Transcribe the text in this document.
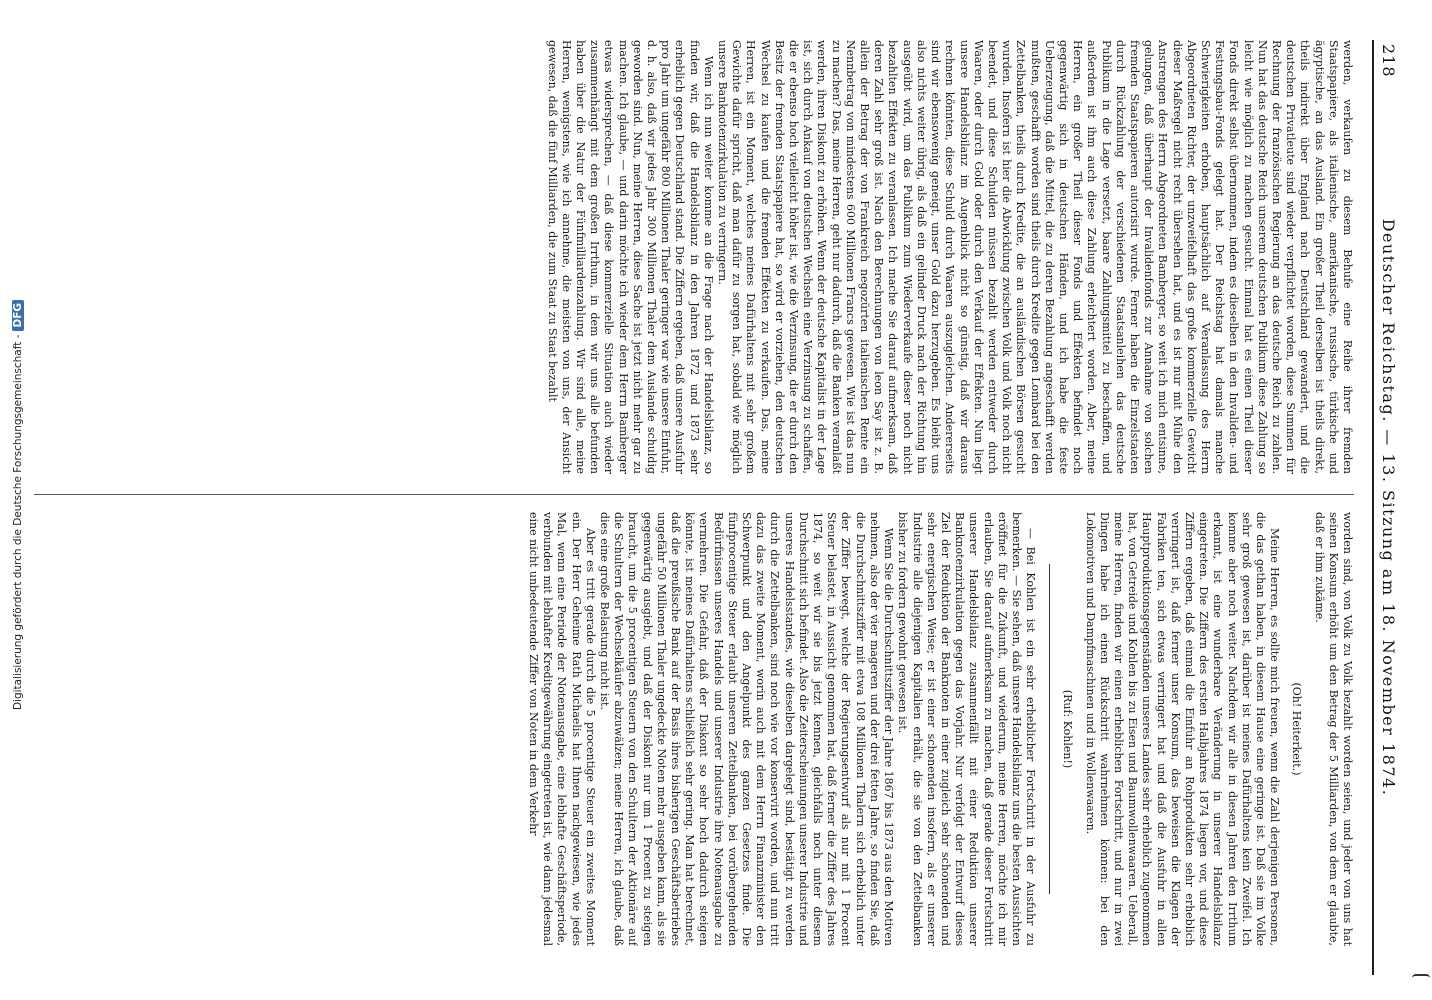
218
Deutscher Reichstag. — 13. Sitzung am 18. November 1874.

werden, verkaufen zu diesem Behufe eine Reihe ihrer fremden Staatspapiere, als italienische, amerikanische, russische, türkische und ägyptische, an das Ausland. Ein großer Theil derselben ist theils direkt, theils indirekt über England nach Deutschland gewandert, und die deutschen Privatleute sind wieder verpflichtet worden, diese Summen für Rechnung der französischen Regierung an das deutsche Reich zu zahlen. Nun hat das deutsche Reich unserem deutschen Publikum diese Zahlung so leicht wie möglich zu machen gesucht. Einmal hat es einen Theil dieser Fonds direkt selbst übernommen, indem es dieselben in den Invaliden- und Festungsbau-Fonds gelegt hat. Der Reichstag hat damals manche Schwierigkeiten erhoben, hauptsächlich auf Veranlassung des Herrn Abgeordneten Richter, der unzweifelhaft das große kommerzielle Gewicht dieser Maßregel nicht recht übersehen hat, und es ist nur mit Mühe den Anstrengen des Herrn Abgeordneten Bamberger, so weit ich mich entsinne, gelungen, daß überhaupt der Invalidenfonds zur Annahme von solchen fremden Staatspapieren autorisirt wurde. Ferner haben die Einzelstaaten durch Rückzahlung der verschiedenen Staatsanleihen das deutsche Publikum in die Lage versetzt, baare Zahlungsmittel zu beschaffen, und außerdem ist ihm auch diese Zahlung erleichtert worden. Aber, meine Herren, ein großer Theil dieser Fonds und Effekten befindet noch gegenwärtig sich in deutschen Händen, und ich habe die feste Ueberzeugung, daß die Mittel, die zu deren Bezahlung angeschafft werden mußten, geschafft worden sind theils durch Kredite gegen Lombard bei den Zettelbanken, theils durch Kredite, die an ausländischen Börsen gesucht wurden. Insofern ist hier die Abwicklung zwischen Volk und Volk noch nicht beendet, und diese Schulden müssen bezahlt werden entweder durch Waaren, oder durch Gold oder durch den Verkauf der Effekten. Nun liegt unsere Handelsbilanz im Augenblick nicht so günstig, daß wir daraus rechnen könnten, diese Schuld durch Waaren auszugleichen. Andererseits sind wir ebensowenig geneigt, unser Gold dazu herzugeben. Es bleibt uns also nichts weiter übrig, als daß ein gelinder Druck nach der Richtung hin ausgeübt wird, um das Publikum zum Wiederverkaufe dieser noch nicht bezahlten Effekten zu veranlassen. Ich mache Sie darauf aufmerksam, daß deren Zahl sehr groß ist. Nach den Berechnungen von leon Say ist z. B. allein der Betrag der von Frankreich negozürten italienischen Rente ein Nennbetrag von mindestens 600 Millionen Francs gewesen. Wie ist das nun zu machen? Das, meine Herren, geht nur dadurch, daß die Banken veranlaßt werden, ihren Diskont zu erhöhen. Wenn der deutsche Kapitalist in der Lage ist, sich durch Ankauf von deutschen Wechseln eine Verzinsung zu schaffen, die er ebenso hoch vielleicht höher ist, wie die Verzinsung, die er durch den Besitz der fremden Staatspapiere hat, so wird er vorziehen, den deutschen Wechsel zu kaufen und die fremden Effekten zu verkaufen. Das, meine Herren, ist ein Moment, welches meines Dafürhaltens mit sehr großem Gewichte dafür spricht, daß man dafür zu sorgen hat, sobald wie möglich unsere Banknotenzirkulation zu verringern.

Wenn ich nun weiter komme an die Frage nach der Handelsbilanz, so finden wir, daß die Handelsbilanz in den Jahren 1872 und 1873 sehr erheblich gegen Deutschland stand. Die Ziffern ergeben, daß unsere Ausfuhr pro Jahr um ungefähr 800 Millionen Thaler geringer war wie unsere Einfuhr, d. h. also, daß wir jedes Jahr 300 Millionen Thaler dem Auslande schuldig geworden sind. Nun, meine Herren, diese Sache ist jetzt nicht mehr gar zu machen. Ich glaube, — und darin möchte ich wieder dem Herrn Bamberger etwas widersprechen, — daß diese kommerzielle Situation auch wieder zusammenhängt mit dem großen Irrthum, in dem wir uns alle befunden haben über die Natur der Fünfmilliardenzahlung. Wir sind alle, meine Herren, wenigstens, wie ich annehme, die meisten von uns, der Ansicht gewesen, daß die fünf Milliarden, die zum Staat zu Staat bezahlt

worden sind, von Volk zu Volk bezahlt worden seien, und jeder von uns hat seinen Konsum erhöht um den Betrag der 5 Milliarden, von dem er glaubte, daß er ihm zukäme.

(Oh! Heiterkeit.)

Meine Herren, es sollte mich freuen, wenn die Zahl derjenigen Personen, die das gethan haben, in diesem Hause eine geringe ist. Daß sie im Volke sehr groß gewesen ist, darüber ist meines Dafürhaltens kein Zweifel. Ich komme aber noch weiter. Nachdem wir alle in diesen Jahren den Irrthum erkannt, ist eine wunderbare Veränderung in unserer Handelsbilanz eingetreten. Die Ziffern des ersten Halbjahres 1874 liegen vor, und diese Ziffern ergeben, daß einmal die Einfuhr an Rohprodukten sehr erheblich verringert ist, daß ferner unser Konsum, das beweisen die Klagen der Fabriken ten, sich etwas verringert hat und daß die Ausfuhr in allen Hauptproduktionsgegenständen unseres Landes sehr erheblich zugenommen hat, von Getreide und Kohlen bis zu Eisen und Baumwollenwaaren. Ueberall, meine Herren, finden wir einen erheblichen Fortschritt, und nur in zwei Dingen habe ich einen Rückschritt wahrnehmen können: bei den Lokomotiven und Dampfmaschinen und in Wollenwaaren.

(Ruf: Kohlen!)

— Bei Kohlen ist ein sehr erheblicher Fortschritt in der Ausfuhr zu bemerken. — Sie sehen, daß unsere Handelsbilanz uns die besten Aussichten eröffnet für die Zukunft, und wiederum, meine Herren, möchte ich mir erlauben, Sie darauf aufmerksam zu machen, daß gerade dieser Fortschritt unserer Handelsbilanz zusammenfällt mit einer Reduktion unserer Banknotenzirkulation gegen das Vorjahr. Nur verfolgt der Entwurf dieses Ziel der Reduktion der Banknoten in einer zugleich sehr schonenden und sehr energischen Weise; er ist einer schonenden insofern, als er unserer Industrie alle diejenigen Kapitalien erhält, die sie von den Zettelbanken bisher zu fordern gewohnt gewesen ist.

Wenn Sie die Durchschnittsziffer der Jahre 1867 bis 1873 aus den Motiven nehmen, also der vier mageren und der drei fetten Jahre, so finden Sie, daß die Durchschnittsziffer mit etwa 108 Millionen Thalern sich erheblich unter der Ziffer bewegt, welche der Regierungsentwurf als nur mit 1 Procent Steuer belastet, in Aussicht genommen hat, daß ferner die Ziffer des Jahres 1874, so weit wir sie bis jetzt kennen, gleichfalls noch unter diesem Durchschnitt sich befindet. Also die Zeiterscheinungen unserer Industrie und unseres Handelsstandes, wie dieselben dargelegt sind, bestätigt zu werden durch die Zettelbanken, sind noch wie vor konservirt worden, und nun tritt dazu das zweite Moment, worin auch mit dem Herrn Finanzminister den Schwerpunkt und den Angelpunkt des ganzen Gesetzes finde. Die fünfprocentige Steuer erlaubt unseren Zettelbanken, bei vorübergehenden Bedürfnissen unseres Handels und unserer Industrie ihre Notenausgabe zu vermehren. Die Gefahr, daß der Diskont so sehr hoch dadurch steigen könnte, ist meines Dafürhaltens schließlich sehr gering. Man hat berechnet, daß die preußische Bank auf der Basis ihres bisherigen Geschäftsbetriebes ungefähr 50 Millionen Thaler ungedeckte Noten mehr ausgeben kann, als sie gegenwärtig ausgiebt, und daß der Diskont nur um 1 Procent zu steigen braucht, um die 5 procentigen Steuern von den Schultern der Aktionäre auf die Schultern der Wechselkäufer abzuwälzen; meine Herren, ich glaube, daß dies eine große Belastung nicht ist.

Aber es tritt gerade durch die 5 procentige Steuer ein zweites Moment ein. Der Herr Geheime Rath Michaelis hat Ihnen nachgewiesen, wie jedes Mal, wenn eine Periode der Notenausgabe, eine lebhafte Geschäftsperiode, verbunden mit lebhafter Kreditgewährung eingetreten ist, wie dann jedesmal eine nicht unbedeutende Ziffer von Noten in dem Verkehr

Digitalisierung gefördert durch die Deutsche Forschungsgemeinschaft -DFG
